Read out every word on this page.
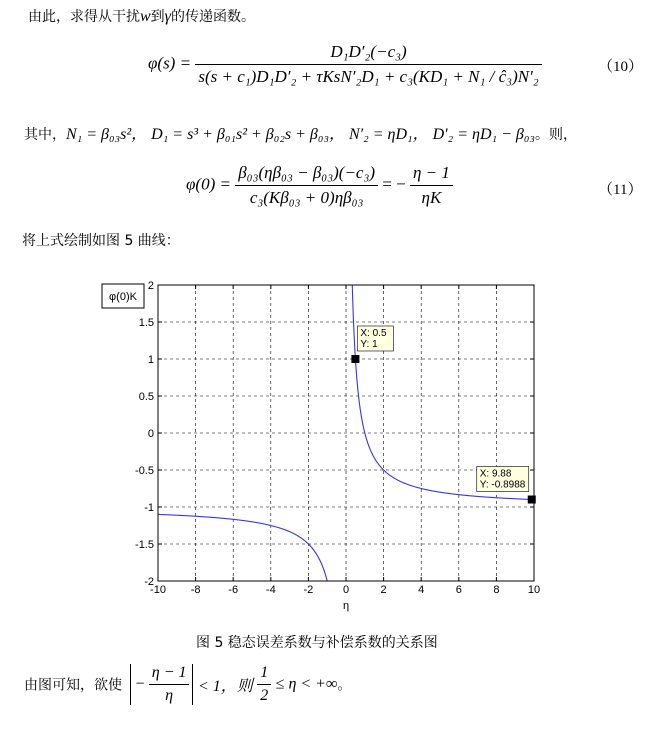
由此，求得从干扰w到γ的传递函数。
$\varphi(s) = \frac{\text{D₁D′₂(−c₃)}}{\text{s(s + c₁)D₁D′₂ + τKsN′₂D₁ + c₃(KD₁ + N₁ / ĉ₃)N′₂}}$	（10）
其中，N₁ = β₀₃s²， D₁ = s³ + β₀₁s² + β₀₂s + β₀₃， N′₂ = ηD₁， D′₂ = ηD₁ − β₀₃。则，
$\varphi(0) = \frac{\text{β₀₃(ηβ₀₃ − β₀₃)(−c₃)}}{\text{c₃(Kβ₀₃ + 0)ηβ₀₃}}$ = − $\frac{\eta - 1}{\eta K}$	（11）
将上式绘制如图 5 曲线：
φ(0)K
-10 -8	-6	-4	-2	0	2	4	6	8	10
2
1.5
1
0.5
0
-0.5
-1
-1.5
-2
X: 0.5
Y: 1
X: 9.88
Y: -0.8988
η
图 5 稳态误差系数与补偿系数的关系图
由图可知，欲使 − $\frac{\eta - 1}{\eta} < 1$，则 $\frac{1}{2} \le \eta$ < +∞。
